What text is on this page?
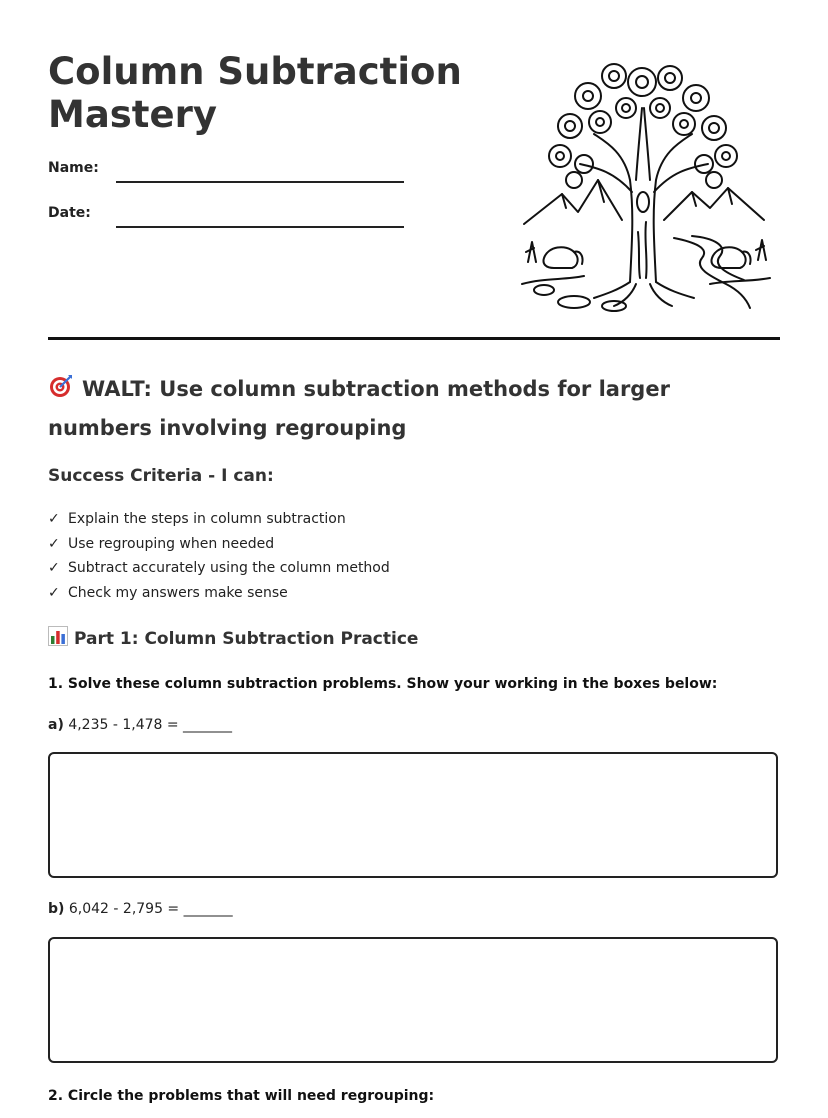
Column Subtraction Mastery
Name:
Date:
WALT: Use column subtraction methods for larger numbers involving regrouping
Success Criteria - I can:
✓ Explain the steps in column subtraction
✓ Use regrouping when needed
✓ Subtract accurately using the column method
✓ Check my answers make sense
Part 1: Column Subtraction Practice
1. Solve these column subtraction problems. Show your working in the boxes below:
a) 4,235 - 1,478 = _______
b) 6,042 - 2,795 = _______
2. Circle the problems that will need regrouping:
